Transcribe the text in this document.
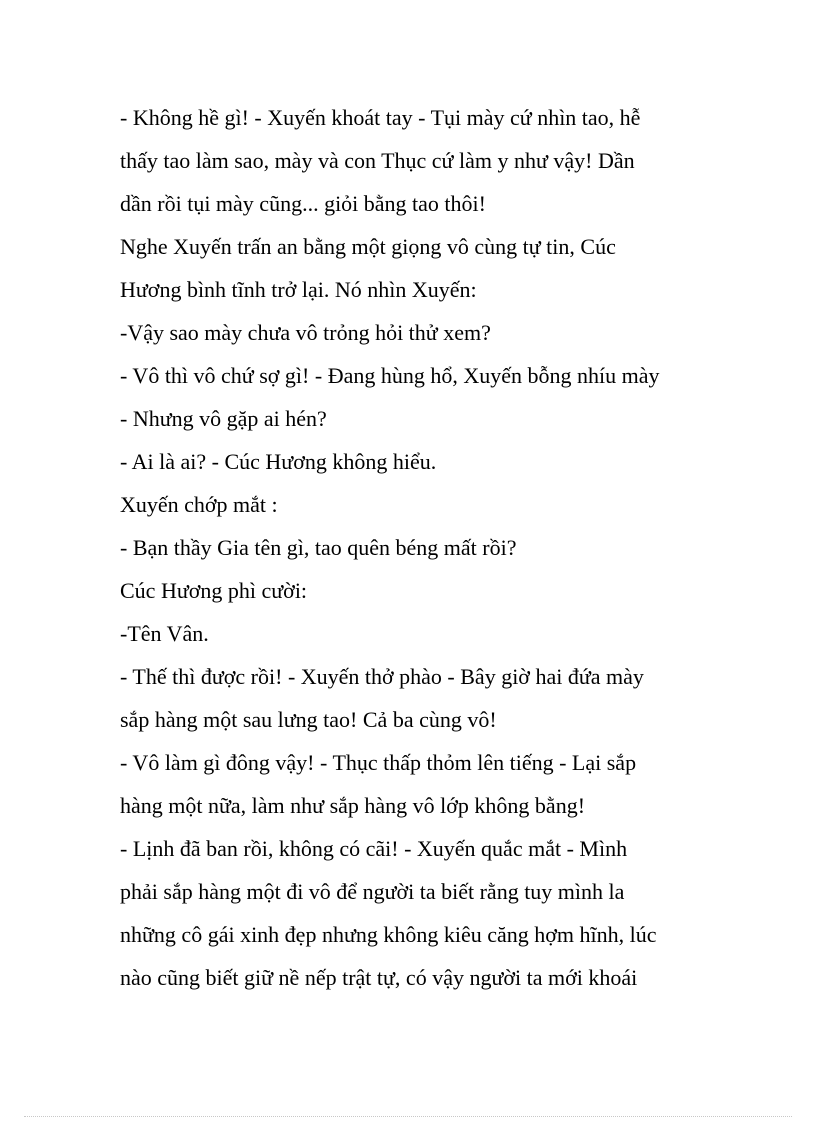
- Không hề gì! - Xuyến khoát tay - Tụi mày cứ nhìn tao, hễ
thấy tao làm sao, mày và con Thục cứ làm y như vậy! Dần
dần rồi tụi mày cũng... giỏi bằng tao thôi!
Nghe Xuyến trấn an bằng một giọng vô cùng tự tin, Cúc
Hương bình tĩnh trở lại. Nó nhìn Xuyến:
-Vậy sao mày chưa vô trỏng hỏi thử xem?
- Vô thì vô chứ sợ gì! - Đang hùng hổ, Xuyến bỗng nhíu mày
- Nhưng vô gặp ai hén?
- Ai là ai? - Cúc Hương không hiểu.
Xuyến chớp mắt :
- Bạn thầy Gia tên gì, tao quên béng mất rồi?
Cúc Hương phì cười:
-Tên Vân.
- Thế thì được rồi! - Xuyến thở phào - Bây giờ hai đứa mày
sắp hàng một sau lưng tao! Cả ba cùng vô!
- Vô làm gì đông vậy! - Thục thấp thỏm lên tiếng - Lại sắp
hàng một nữa, làm như sắp hàng vô lớp không bằng!
- Lịnh đã ban rồi, không có cãi! - Xuyến quắc mắt - Mình
phải sắp hàng một đi vô để người ta biết rằng tuy mình la
những cô gái xinh đẹp nhưng không kiêu căng hợm hĩnh, lúc
nào cũng biết giữ nề nếp trật tự, có vậy người ta mới khoái
